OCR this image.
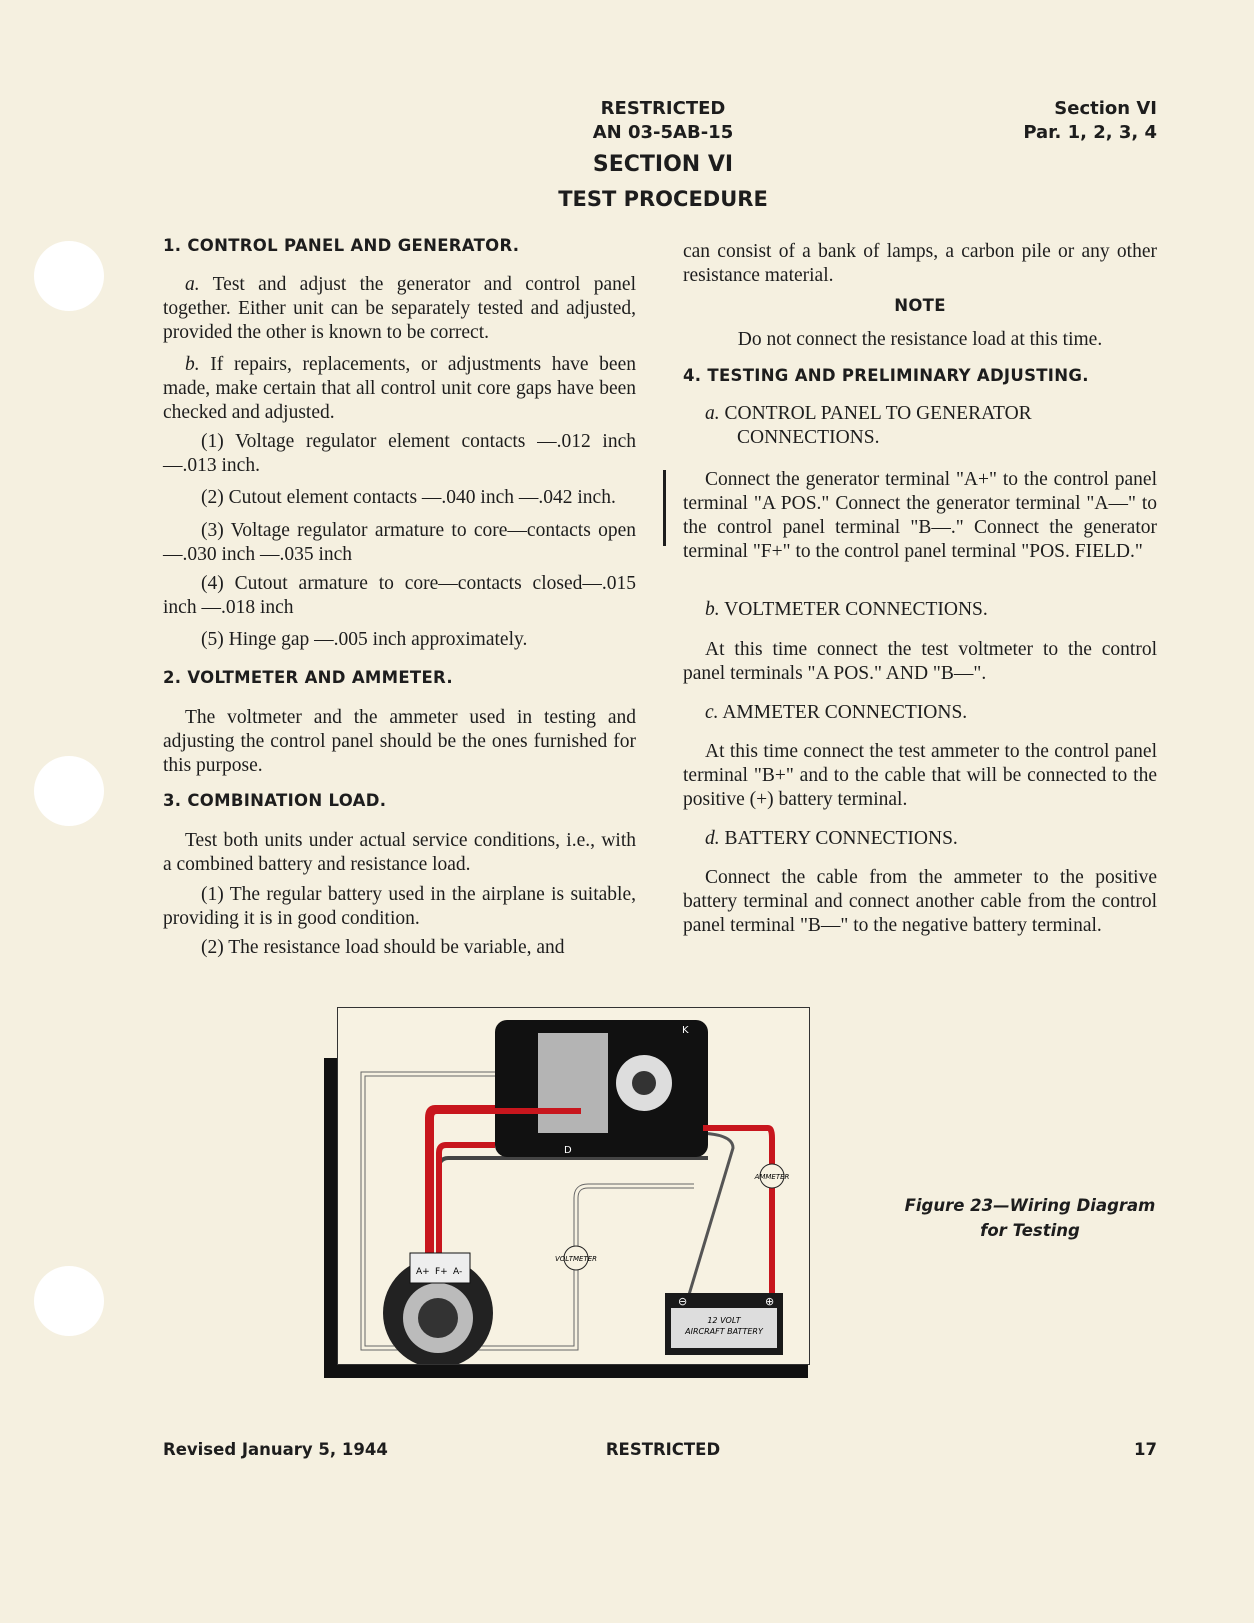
RESTRICTED
AN 03-5AB-15
Section VI
Par. 1, 2, 3, 4
SECTION VI
TEST PROCEDURE
1. CONTROL PANEL AND GENERATOR.
a. Test and adjust the generator and control panel together. Either unit can be separately tested and adjusted, provided the other is known to be correct.
b. If repairs, replacements, or adjustments have been made, make certain that all control unit core gaps have been checked and adjusted.
(1) Voltage regulator element contacts —.012 inch —.013 inch.
(2) Cutout element contacts —.040 inch —.042 inch.
(3) Voltage regulator armature to core—contacts open —.030 inch —.035 inch
(4) Cutout armature to core—contacts closed—.015 inch —.018 inch
(5) Hinge gap —.005 inch approximately.
2. VOLTMETER AND AMMETER.
The voltmeter and the ammeter used in testing and adjusting the control panel should be the ones furnished for this purpose.
3. COMBINATION LOAD.
Test both units under actual service conditions, i.e., with a combined battery and resistance load.
(1) The regular battery used in the airplane is suitable, providing it is in good condition.
(2) The resistance load should be variable, and
can consist of a bank of lamps, a carbon pile or any other resistance material.
NOTE
Do not connect the resistance load at this time.
4. TESTING AND PRELIMINARY ADJUSTING.
a. CONTROL PANEL TO GENERATOR CONNECTIONS.
Connect the generator terminal "A+" to the control panel terminal "A POS." Connect the generator terminal "A—" to the control panel terminal "B—." Connect the generator terminal "F+" to the control panel terminal "POS. FIELD."
b. VOLTMETER CONNECTIONS.
At this time connect the test voltmeter to the control panel terminals "A POS." AND "B—".
c. AMMETER CONNECTIONS.
At this time connect the test ammeter to the control panel terminal "B+" and to the cable that will be connected to the positive (+) battery terminal.
d. BATTERY CONNECTIONS.
Connect the cable from the ammeter to the positive battery terminal and connect another cable from the control panel terminal "B—" to the negative battery terminal.
A+ F+ A-
K
D
AMMETER
VOLTMETER
⊖	⊕
12 VOLT
AIRCRAFT BATTERY
Figure 23—Wiring Diagram
for Testing
Revised January 5, 1944	RESTRICTED	17
